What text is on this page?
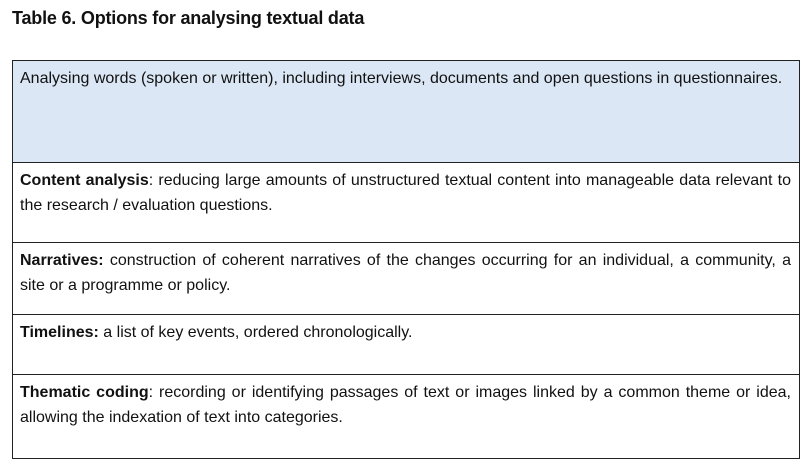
Table 6. Options for analysing textual data
Analysing words (spoken or written), including interviews, documents and open questions in questionnaires.
Content analysis: reducing large amounts of unstructured textual content into manageable data relevant to the research / evaluation questions.
Narratives: construction of coherent narratives of the changes occurring for an individual, a community, a site or a programme or policy.
Timelines: a list of key events, ordered chronologically.
Thematic coding: recording or identifying passages of text or images linked by a common theme or idea, allowing the indexation of text into categories.
